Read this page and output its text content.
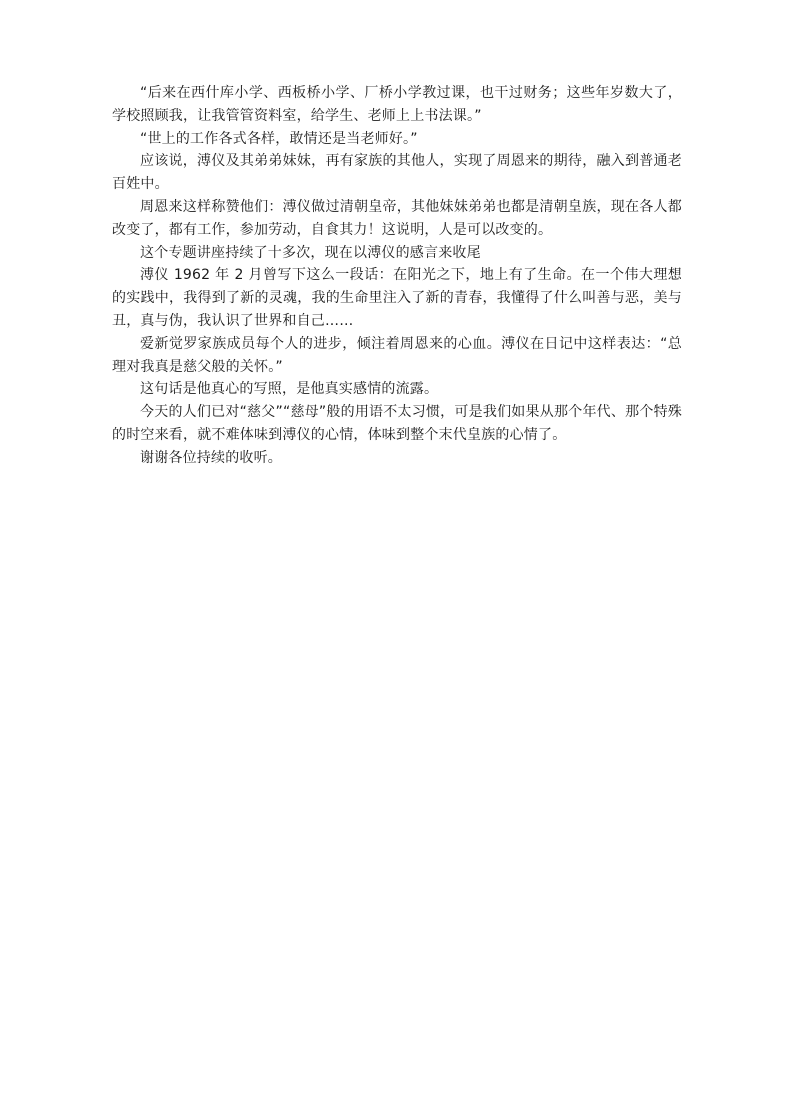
“后来在西什库小学、西板桥小学、厂桥小学教过课，也干过财务；这些年岁数大了，学校照顾我，让我管管资料室，给学生、老师上上书法课。”

“世上的工作各式各样，敢情还是当老师好。”

应该说，溥仪及其弟弟妹妹，再有家族的其他人，实现了周恩来的期待，融入到普通老百姓中。

周恩来这样称赞他们：溥仪做过清朝皇帝，其他妹妹弟弟也都是清朝皇族，现在各人都改变了，都有工作，参加劳动，自食其力！这说明，人是可以改变的。

这个专题讲座持续了十多次，现在以溥仪的感言来收尾

溥仪 1962 年 2 月曾写下这么一段话：在阳光之下，地上有了生命。在一个伟大理想的实践中，我得到了新的灵魂，我的生命里注入了新的青春，我懂得了什么叫善与恶，美与丑，真与伪，我认识了世界和自己……

爱新觉罗家族成员每个人的进步，倾注着周恩来的心血。溥仪在日记中这样表达：“总理对我真是慈父般的关怀。”

这句话是他真心的写照，是他真实感情的流露。

今天的人们已对“慈父”“慈母”般的用语不太习惯，可是我们如果从那个年代、那个特殊的时空来看，就不难体味到溥仪的心情，体味到整个末代皇族的心情了。

谢谢各位持续的收听。
